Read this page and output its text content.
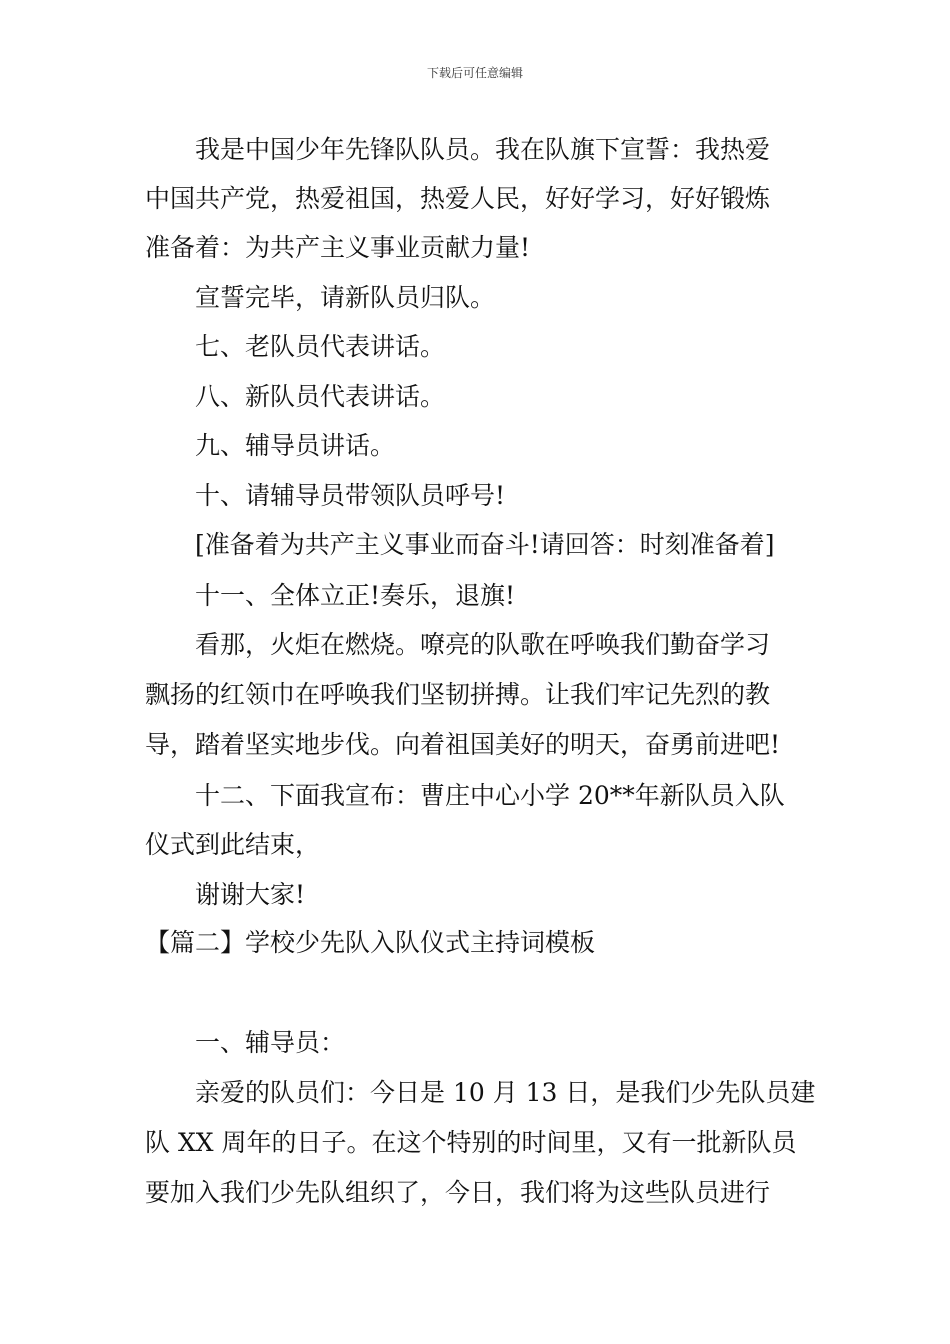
下载后可任意编辑
　　我是中国少年先锋队队员。我在队旗下宣誓：我热爱
中国共产党，热爱祖国，热爱人民，好好学习，好好锻炼
准备着：为共产主义事业贡献力量!
　　宣誓完毕，请新队员归队。
　　七、老队员代表讲话。
　　八、新队员代表讲话。
　　九、辅导员讲话。
　　十、请辅导员带领队员呼号!
　　[准备着为共产主义事业而奋斗!请回答：时刻准备着]
　　十一、全体立正!奏乐，退旗!
　　看那，火炬在燃烧。嘹亮的队歌在呼唤我们勤奋学习
飘扬的红领巾在呼唤我们坚韧拼搏。让我们牢记先烈的教
导，踏着坚实地步伐。向着祖国美好的明天，奋勇前进吧!
　　十二、下面我宣布：曹庄中心小学 20**年新队员入队
仪式到此结束，
　　谢谢大家!
【篇二】学校少先队入队仪式主持词模板
　　一、辅导员：
　　亲爱的队员们：今日是 10 月 13 日，是我们少先队员建
队 XX 周年的日子。在这个特别的时间里，又有一批新队员
要加入我们少先队组织了，今日，我们将为这些队员进行
